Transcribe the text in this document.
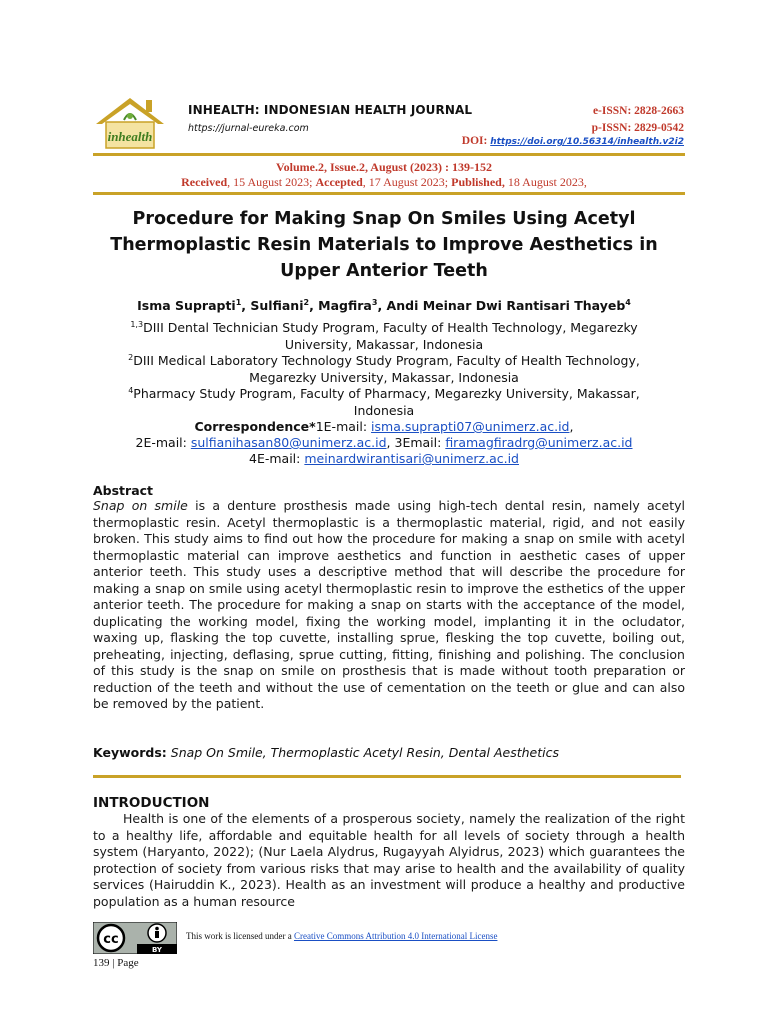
inhealth
INHEALTH: INDONESIAN HEALTH JOURNAL
https://jurnal-eureka.com
e-ISSN: 2828-2663
p-ISSN: 2829-0542
DOI: https://doi.org/10.56314/inhealth.v2i2
Volume.2, Issue.2, August (2023) : 139-152
Received, 15 August 2023; Accepted, 17 August 2023; Published, 18 August 2023,
Procedure for Making Snap On Smiles Using Acetyl Thermoplastic Resin Materials to Improve Aesthetics in Upper Anterior Teeth
Isma Suprapti$^1$, Sulfiani$^2$, Magfira$^3$, Andi Meinar Dwi Rantisari Thayeb$^4$
$^{1,3}$DIII Dental Technician Study Program, Faculty of Health Technology, Megarezky University, Makassar, Indonesia
$^2$DIII Medical Laboratory Technology Study Program, Faculty of Health Technology, Megarezky University, Makassar, Indonesia
$^4$Pharmacy Study Program, Faculty of Pharmacy, Megarezky University, Makassar, Indonesia
Correspondence*1E-mail: isma.suprapti07@unimerz.ac.id,
2E-mail: sulfianihasan80@unimerz.ac.id, 3Email: firamagfiradrg@unimerz.ac.id
4E-mail: meinardwirantisari@unimerz.ac.id
Abstract
Snap on smile is a denture prosthesis made using high-tech dental resin, namely acetyl thermoplastic resin. Acetyl thermoplastic is a thermoplastic material, rigid, and not easily broken. This study aims to find out how the procedure for making a snap on smile with acetyl thermoplastic material can improve aesthetics and function in aesthetic cases of upper anterior teeth. This study uses a descriptive method that will describe the procedure for making a snap on smile using acetyl thermoplastic resin to improve the esthetics of the upper anterior teeth. The procedure for making a snap on starts with the acceptance of the model, duplicating the working model, fixing the working model, implanting it in the ocludator, waxing up, flasking the top cuvette, installing sprue, flesking the top cuvette, boiling out, preheating, injecting, deflasing, sprue cutting, fitting, finishing and polishing. The conclusion of this study is the snap on smile on prosthesis that is made without tooth preparation or reduction of the teeth and without the use of cementation on the teeth or glue and can also be removed by the patient.
Keywords: Snap On Smile, Thermoplastic Acetyl Resin, Dental Aesthetics
INTRODUCTION
Health is one of the elements of a prosperous society, namely the realization of the right to a healthy life, affordable and equitable health for all levels of society through a health system (Haryanto, 2022); (Nur Laela Alydrus, Rugayyah Alyidrus, 2023) which guarantees the protection of society from various risks that may arise to health and the availability of quality services (Hairuddin K., 2023). Health as an investment will produce a healthy and productive population as a human resource
cc
BY
This work is licensed under a Creative Commons Attribution 4.0 International License
139 | Page
